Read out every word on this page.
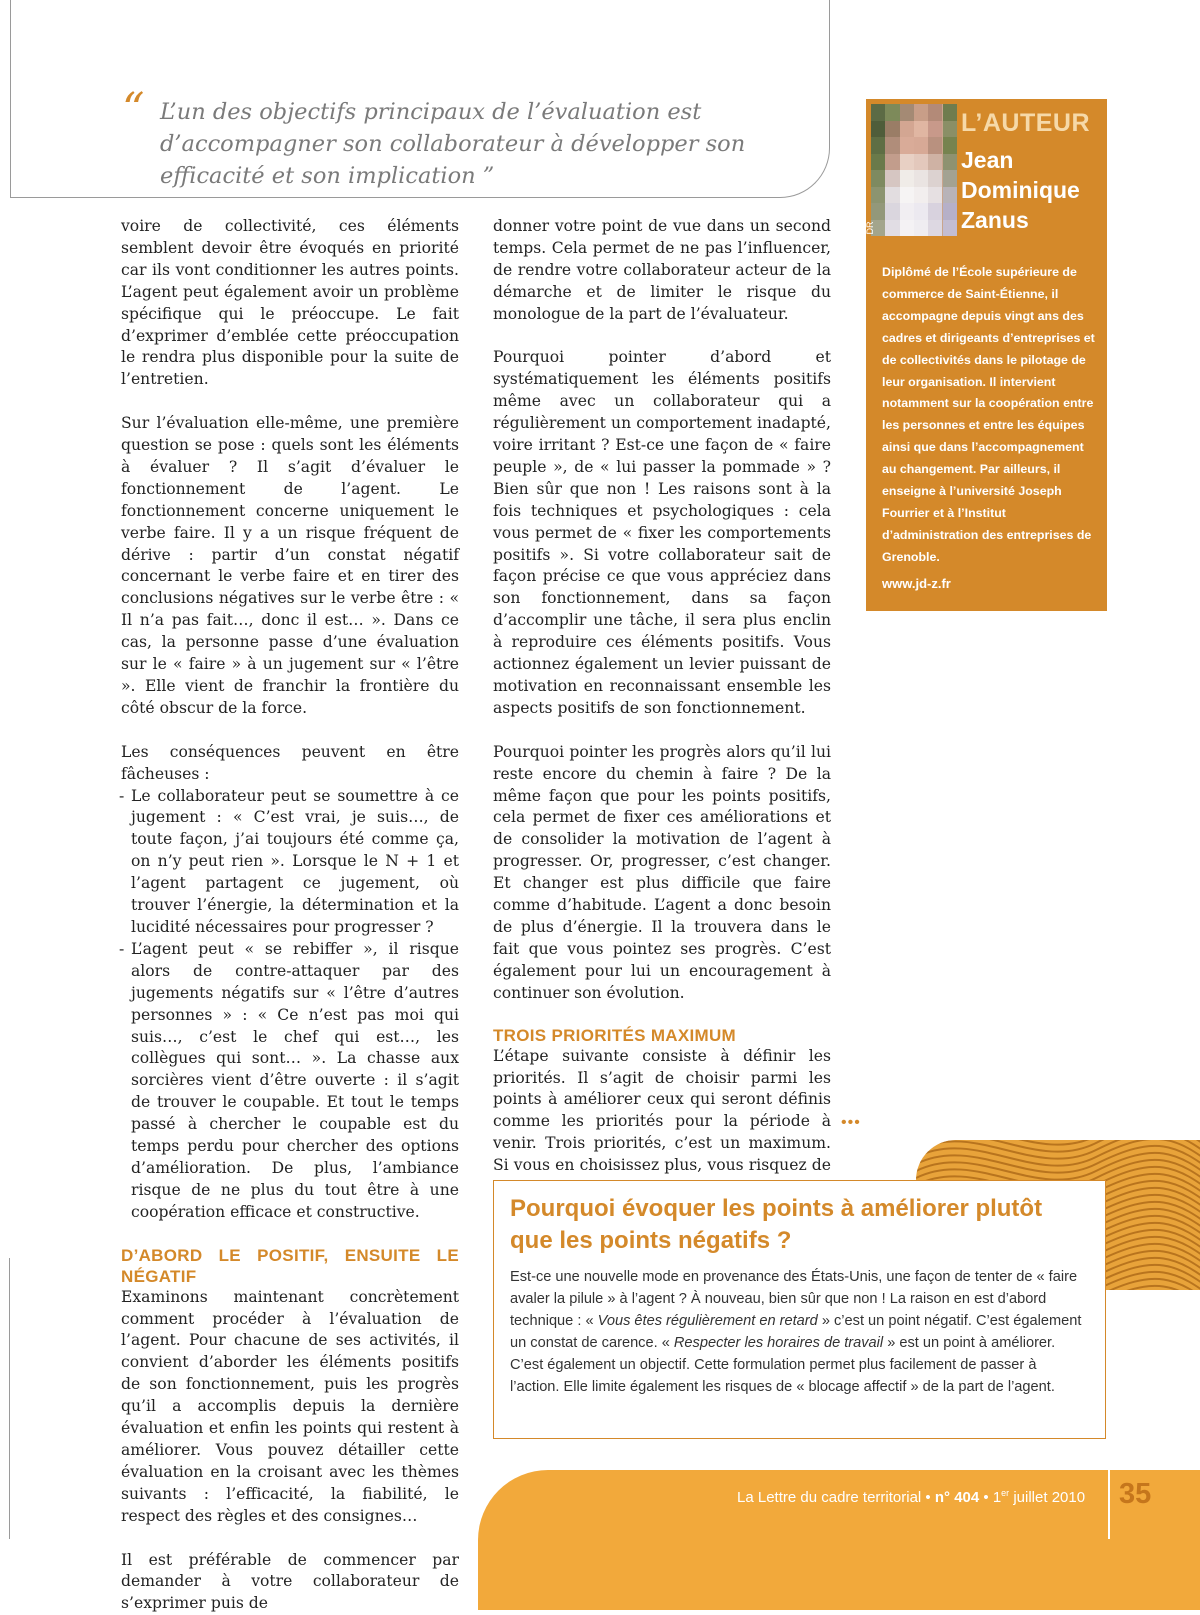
“ L’un des objectifs principaux de l’évaluation est d’accompagner son collaborateur à développer son efficacité et son implication ”

voire de collectivité, ces éléments semblent devoir être évoqués en priorité car ils vont conditionner les autres points. L’agent peut également avoir un problème spécifique qui le préoccupe. Le fait d’exprimer d’emblée cette préoccupation le rendra plus disponible pour la suite de l’entretien.

Sur l’évaluation elle-même, une première question se pose : quels sont les éléments à évaluer ? Il s’agit d’évaluer le fonctionnement de l’agent. Le fonctionnement concerne uniquement le verbe faire. Il y a un risque fréquent de dérive : partir d’un constat négatif concernant le verbe faire et en tirer des conclusions négatives sur le verbe être : « Il n’a pas fait…, donc il est… ». Dans ce cas, la personne passe d’une évaluation sur le « faire » à un jugement sur « l’être ». Elle vient de franchir la frontière du côté obscur de la force.

Les conséquences peuvent en être fâcheuses :

- Le collaborateur peut se soumettre à ce jugement : « C’est vrai, je suis…, de toute façon, j’ai toujours été comme ça, on n’y peut rien ». Lorsque le N + 1 et l’agent partagent ce jugement, où trouver l’énergie, la détermination et la lucidité nécessaires pour progresser ?
- L’agent peut « se rebiffer », il risque alors de contre-attaquer par des jugements négatifs sur « l’être d’autres personnes » : « Ce n’est pas moi qui suis…, c’est le chef qui est…, les collègues qui sont… ». La chasse aux sorcières vient d’être ouverte : il s’agit de trouver le coupable. Et tout le temps passé à chercher le coupable est du temps perdu pour chercher des options d’amélioration. De plus, l’ambiance risque de ne plus du tout être à une coopération efficace et constructive.
D’ABORD LE POSITIF, ENSUITE LE NÉGATIF

Examinons maintenant concrètement comment procéder à l’évaluation de l’agent. Pour chacune de ses activités, il convient d’aborder les éléments positifs de son fonctionnement, puis les progrès qu’il a accomplis depuis la dernière évaluation et enfin les points qui restent à améliorer. Vous pouvez détailler cette évaluation en la croisant avec les thèmes suivants : l’efficacité, la fiabilité, le respect des règles et des consignes…

Il est préférable de commencer par demander à votre collaborateur de s’exprimer puis de

donner votre point de vue dans un second temps. Cela permet de ne pas l’influencer, de rendre votre collaborateur acteur de la démarche et de limiter le risque du monologue de la part de l’évaluateur.

Pourquoi pointer d’abord et systématiquement les éléments positifs même avec un collaborateur qui a régulièrement un comportement inadapté, voire irritant ? Est-ce une façon de « faire peuple », de « lui passer la pommade » ? Bien sûr que non ! Les raisons sont à la fois techniques et psychologiques : cela vous permet de « fixer les comportements positifs ». Si votre collaborateur sait de façon précise ce que vous appréciez dans son fonctionnement, dans sa façon d’accomplir une tâche, il sera plus enclin à reproduire ces éléments positifs. Vous actionnez également un levier puissant de motivation en reconnaissant ensemble les aspects positifs de son fonctionnement.

Pourquoi pointer les progrès alors qu’il lui reste encore du chemin à faire ? De la même façon que pour les points positifs, cela permet de fixer ces améliorations et de consolider la motivation de l’agent à progresser. Or, progresser, c’est changer. Et changer est plus difficile que faire comme d’habitude. L’agent a donc besoin de plus d’énergie. Il la trouvera dans le fait que vous pointez ses progrès. C’est également pour lui un encouragement à continuer son évolution.

TROIS PRIORITÉS MAXIMUM

L’étape suivante consiste à définir les priorités. Il s’agit de choisir parmi les points à améliorer ceux qui seront définis comme les priorités pour la période à venir. Trois priorités, c’est un maximum. Si vous en choisissez plus, vous risquez de

•••
DR
L’AUTEUR
Jean Dominique Zanus
Diplômé de l’École supérieure de commerce de Saint-Étienne, il accompagne depuis vingt ans des cadres et dirigeants d’entreprises et de collectivités dans le pilotage de leur organisation. Il intervient notamment sur la coopération entre les personnes et entre les équipes ainsi que dans l’accompagnement au changement. Par ailleurs, il enseigne à l’université Joseph Fourrier et à l’Institut d’administration des entreprises de Grenoble.
www.jd-z.fr
Pourquoi évoquer les points à améliorer plutôt que les points négatifs ?

Est-ce une nouvelle mode en provenance des États-Unis, une façon de tenter de « faire avaler la pilule » à l’agent ? À nouveau, bien sûr que non ! La raison en est d’abord technique : « Vous êtes régulièrement en retard » c’est un point négatif. C’est également un constat de carence. « Respecter les horaires de travail » est un point à améliorer. C’est également un objectif. Cette formulation permet plus facilement de passer à l’action. Elle limite également les risques de « blocage affectif » de la part de l’agent.

La Lettre du cadre territorial • n° 404 • 1er juillet 2010 35
